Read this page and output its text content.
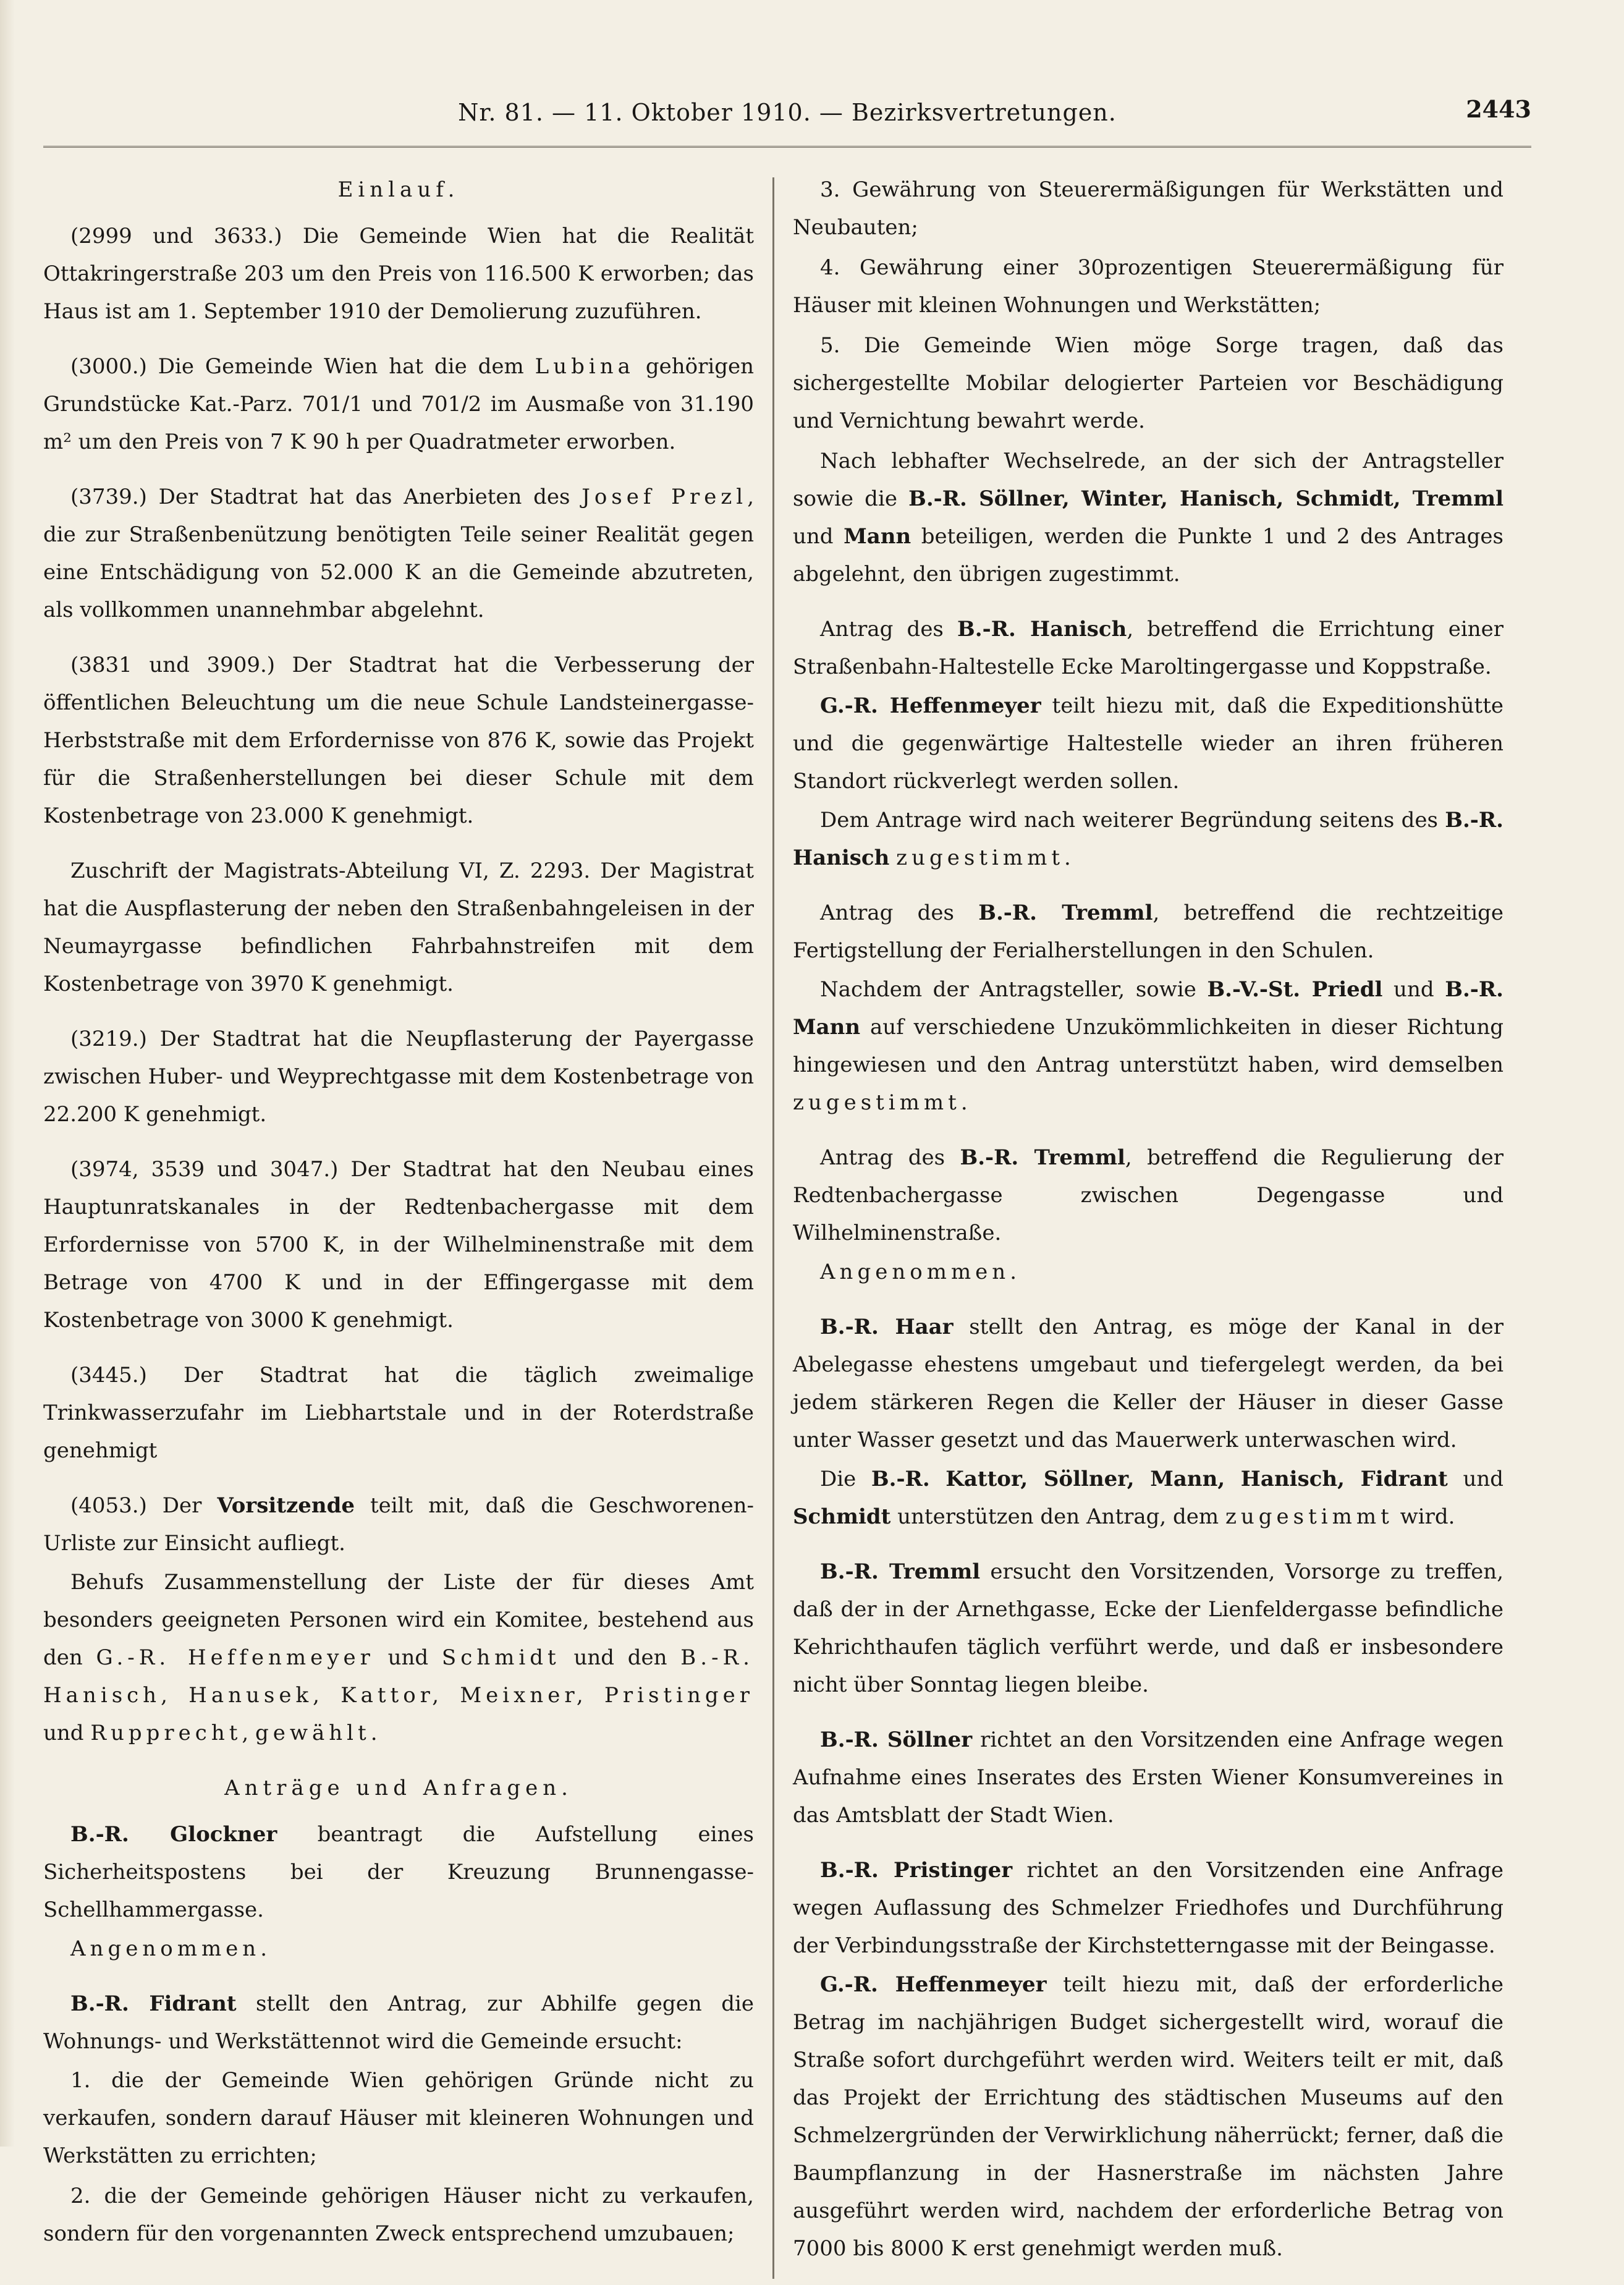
Nr. 81. — 11. Oktober 1910. — Bezirksvertretungen.	2443
Einlauf.

(2999 und 3633.) Die Gemeinde Wien hat die Realität Ottakringerstraße 203 um den Preis von 116.500 K erworben; das Haus ist am 1. September 1910 der Demolierung zuzuführen.

(3000.) Die Gemeinde Wien hat die dem Lubina gehörigen Grundstücke Kat.-Parz. 701/1 und 701/2 im Ausmaße von 31.190 m² um den Preis von 7 K 90 h per Quadratmeter erworben.

(3739.) Der Stadtrat hat das Anerbieten des Josef Prezl, die zur Straßenbenützung benötigten Teile seiner Realität gegen eine Entschädigung von 52.000 K an die Gemeinde abzutreten, als vollkommen unannehmbar abgelehnt.

(3831 und 3909.) Der Stadtrat hat die Verbesserung der öffentlichen Beleuchtung um die neue Schule Landsteinergasse-Herbststraße mit dem Erfordernisse von 876 K, sowie das Projekt für die Straßenherstellungen bei dieser Schule mit dem Kostenbetrage von 23.000 K genehmigt.

Zuschrift der Magistrats-Abteilung VI, Z. 2293. Der Magistrat hat die Auspflasterung der neben den Straßenbahngeleisen in der Neumayrgasse befindlichen Fahrbahnstreifen mit dem Kostenbetrage von 3970 K genehmigt.

(3219.) Der Stadtrat hat die Neupflasterung der Payergasse zwischen Huber- und Weyprechtgasse mit dem Kostenbetrage von 22.200 K genehmigt.

(3974, 3539 und 3047.) Der Stadtrat hat den Neubau eines Hauptunratskanales in der Redtenbachergasse mit dem Erfordernisse von 5700 K, in der Wilhelminenstraße mit dem Betrage von 4700 K und in der Effingergasse mit dem Kostenbetrage von 3000 K genehmigt.

(3445.) Der Stadtrat hat die täglich zweimalige Trinkwasserzufahr im Liebhartstale und in der Roterdstraße genehmigt

(4053.) Der Vorsitzende teilt mit, daß die Geschworenen-Urliste zur Einsicht aufliegt.

Behufs Zusammenstellung der Liste der für dieses Amt besonders geeigneten Personen wird ein Komitee, bestehend aus den G.-R. Heffenmeyer und Schmidt und den B.-R. Hanisch, Hanusek, Kattor, Meixner, Pristinger und Rupprecht, gewählt.

Anträge und Anfragen.

B.-R. Glockner beantragt die Aufstellung eines Sicherheitspostens bei der Kreuzung Brunnengasse-Schellhammergasse.

Angenommen.

B.-R. Fidrant stellt den Antrag, zur Abhilfe gegen die Wohnungs- und Werkstättennot wird die Gemeinde ersucht:

1. die der Gemeinde Wien gehörigen Gründe nicht zu verkaufen, sondern darauf Häuser mit kleineren Wohnungen und Werkstätten zu errichten;

2. die der Gemeinde gehörigen Häuser nicht zu verkaufen, sondern für den vorgenannten Zweck entsprechend umzubauen;

3. Gewährung von Steuerermäßigungen für Werkstätten und Neubauten;

4. Gewährung einer 30prozentigen Steuerermäßigung für Häuser mit kleinen Wohnungen und Werkstätten;

5. Die Gemeinde Wien möge Sorge tragen, daß das sichergestellte Mobilar delogierter Parteien vor Beschädigung und Vernichtung bewahrt werde.

Nach lebhafter Wechselrede, an der sich der Antragsteller sowie die B.-R. Söllner, Winter, Hanisch, Schmidt, Tremml und Mann beteiligen, werden die Punkte 1 und 2 des Antrages abgelehnt, den übrigen zugestimmt.

Antrag des B.-R. Hanisch, betreffend die Errichtung einer Straßenbahn-Haltestelle Ecke Maroltingergasse und Koppstraße.

G.-R. Heffenmeyer teilt hiezu mit, daß die Expeditionshütte und die gegenwärtige Haltestelle wieder an ihren früheren Standort rückverlegt werden sollen.

Dem Antrage wird nach weiterer Begründung seitens des B.-R. Hanisch zugestimmt.

Antrag des B.-R. Tremml, betreffend die rechtzeitige Fertigstellung der Ferialherstellungen in den Schulen.

Nachdem der Antragsteller, sowie B.-V.-St. Priedl und B.-R. Mann auf verschiedene Unzukömmlichkeiten in dieser Richtung hingewiesen und den Antrag unterstützt haben, wird demselben zugestimmt.

Antrag des B.-R. Tremml, betreffend die Regulierung der Redtenbachergasse zwischen Degengasse und Wilhelminenstraße.

Angenommen.

B.-R. Haar stellt den Antrag, es möge der Kanal in der Abelegasse ehestens umgebaut und tiefergelegt werden, da bei jedem stärkeren Regen die Keller der Häuser in dieser Gasse unter Wasser gesetzt und das Mauerwerk unterwaschen wird.

Die B.-R. Kattor, Söllner, Mann, Hanisch, Fidrant und Schmidt unterstützen den Antrag, dem zugestimmt wird.

B.-R. Tremml ersucht den Vorsitzenden, Vorsorge zu treffen, daß der in der Arnethgasse, Ecke der Lienfeldergasse befindliche Kehrichthaufen täglich verführt werde, und daß er insbesondere nicht über Sonntag liegen bleibe.

B.-R. Söllner richtet an den Vorsitzenden eine Anfrage wegen Aufnahme eines Inserates des Ersten Wiener Konsumvereines in das Amtsblatt der Stadt Wien.

B.-R. Pristinger richtet an den Vorsitzenden eine Anfrage wegen Auflassung des Schmelzer Friedhofes und Durchführung der Verbindungsstraße der Kirchstetterngasse mit der Beingasse.

G.-R. Heffenmeyer teilt hiezu mit, daß der erforderliche Betrag im nachjährigen Budget sichergestellt wird, worauf die Straße sofort durchgeführt werden wird. Weiters teilt er mit, daß das Projekt der Errichtung des städtischen Museums auf den Schmelzergründen der Verwirklichung näherrückt; ferner, daß die Baumpflanzung in der Hasnerstraße im nächsten Jahre ausgeführt werden wird, nachdem der erforderliche Betrag von 7000 bis 8000 K erst genehmigt werden muß.
